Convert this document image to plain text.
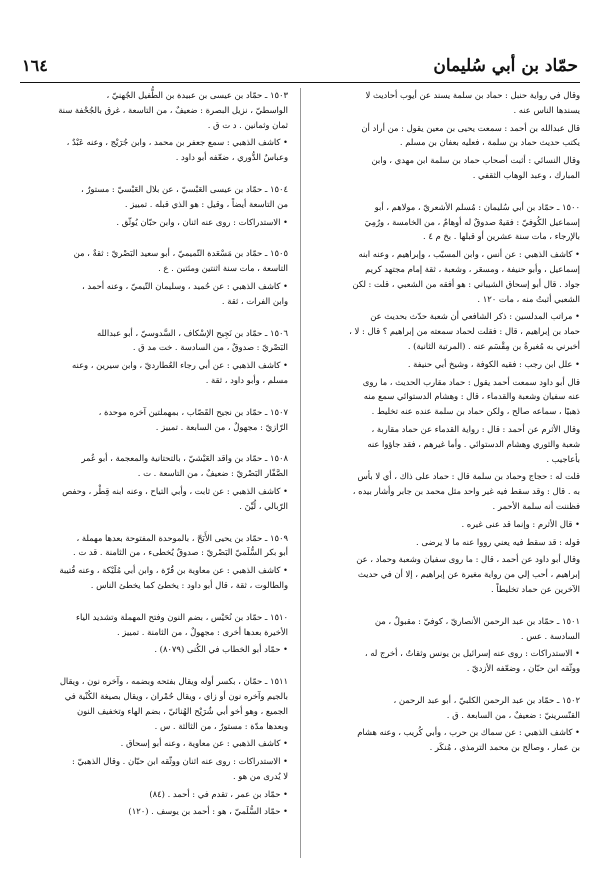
حمّاد بن أبي سُليمان
١٦٤

وقال في رواية حنبل : حماد بن سلمة يسند عن أيوب أحاديث لا

يسندها الناس عنه .

قال عبدالله بن أحمد : سمعت يحيى بن معين يقول : من أراد أن

يكتب حديث حماد بن سلمة ، فعليه بعفان بن مسلم .

وقال النسائي : أثبت أصحاب حماد بن سلمة ابن مهدي ، وابن

المبارك ، وعبد الوهاب الثقفي .

١٥٠٠ ـ حمّاد بن أبي سُليمان : مُسلم الأشعريّ ، مولاهم ، أبو

إسماعيل الكُوفيّ : فقيهٌ صدوقٌ له أوهامٌ ، من الخامسة ، ورُمِيَ

بالإرجاء ، مات سنة عشرين أو قبلها . بخ م ٤ .

• كاشف الذهبي : عن أنس ، وابن المسيّب ، وإبراهيم ، وعنه ابنه

إسماعيل ، وأبو حنيفة ، ومسعَر ، وشعبة ، ثقة إمام مجتهد كريم

جواد . قال أبو إسحاق الشيباني : هو أفقه من الشعبي ، قلت : لكن

الشعبي أثبتُ منه ، مات ١٢٠ .

• مراتب المدلسين : ذكر الشافعي أن شعبة حدّث بحديث عن

حماد بن إبراهيم ، قال : فقلت لحماد سمعته من إبراهيم ؟ قال : لا ،

أخبرني به مُغيرةُ بن مِقْسَم عنه . (المرتبة الثانية) .

• علل ابن رجب : فقيه الكوفة ، وشيخ أبي حنيفة .

قال أبو داود سمعت أحمد يقول : حماد مقارب الحديث ، ما روى

عنه سفيان وشعبة والقدماء ، قال : وهشام الدستوائي سمع منه

ذهبيًا ، سماعه صالح ، ولكن حماد بن سلمة عنده عنه تخليط .

وقال الأثرم عن أحمد : قال : رواية القدماء عن حماد مقاربة ،

شعبة والثوري وهشام الدستوائي . وأما غيرهم ، فقد جاؤوا عنه

بأعاجيب .

قلت له : حجاج وحماد بن سلمة قال : حماد على ذاك ، أي لا بأس

به . قال : وقد سقط فيه غير واحد مثل محمد بن جابر وأشار بيده ،

فظننت أنه سلمة الأحمر .

• قال الأثرم : وإنما قد عنى غيره .

قوله : قد سقط فيه يعني رووا عنه ما لا يرضى .

وقال أبو داود عن أحمد ، قال : ما روى سفيان وشعبة وحماد ، عن

إبراهيم ، أحب إلي من رواية مغيرة عن إبراهيم ، إلا أن في حديث

الآخرين عن حماد تخليطاً .

١٥٠١ ـ حمّاد بن عبد الرحمن الأنصاريّ ، كوفيّ : مقبولٌ ، من

السادسة . عس .

• الاستدراكات : روى عنه إسرائيل بن يونس وثقاتٌ ، أخرج له ،

ووثّقه ابن حبّان ، وضعّفه الأزديّ .

١٥٠٢ ـ حمّاد بن عبد الرحمن الكلبيّ ، أبو عبد الرحمن ،

القنّسرينيّ : ضعيفٌ ، من السابعة . ق .

• كاشف الذهبي : عن سماك بن حرب ، وأبي كُريب ، وعنه هشام

بن عمار ، وصالح بن محمد الترمذي ، مُنكَر .

١٥٠٣ ـ حمّاد بن عيسى بن عبيدة بن الطُّفيل الجُهنيّ ،

الواسطيّ ، نزيل البصرة : ضعيفٌ ، من التاسعة ، غرق بالجُحْفة سنة

ثمان وثمانين . د ت ق .

• كاشف الذهبي : سمع جعفر بن محمد ، وابن جُرَيْج ، وعنه عَبْدٌ ،

وعباسٌ الدُّوري ، ضعّفه أبو داود .

١٥٠٤ ـ حمّاد بن عيسى العَبْسيّ ، عن بلال العَبْسيّ : مستورٌ ،

من التاسعة أيضاً ، وقيل : هو الذي قبله . تمييز .

• الاستدراكات : روى عنه اثنان ، وابن حبّان يُوثّق .

١٥٠٥ ـ حمّاد بن مَسْعَدة التّميميّ ، أبو سعيد البَصْريّ : ثقةٌ ، من

التاسعة ، مات سنة اثنتين ومئتين . ع .

• كاشف الذهبي : عن حُميد ، وسليمان التّيميّ ، وعنه أحمد ،

وابن الفرات ، ثقة .

١٥٠٦ ـ حمّاد بن نَجِيح الإسْكاف ، السَّدوسيّ ، أبو عبدالله

البَصْريّ : صدوقٌ ، من السادسة . خت مد ق .

• كاشف الذهبي : عن أبي رجاء العُطارديّ ، وابن سيرين ، وعنه

مسلم ، وأبو داود ، ثقة .

١٥٠٧ ـ حمّاد بن نجيح القَصّاب ، بمهملتين آخره موحدة ،

الرّازيّ : مجهولٌ ، من السابعة . تمييز .

١٥٠٨ ـ حمّاد بن واقد العَيْشيّ ، بالتحتانية والمعجمة ، أبو عُمر

الصَّفّار البَصْريّ : ضعيفٌ ، من التاسعة . ت .

• كاشف الذهبي : عن ثابت ، وأبي التياح ، وعنه ابنه قِطْر ، وحفص

الرّبالي ، لُيِّنَ .

١٥٠٩ ـ حمّاد بن يحيى الأَبَحّ ، بالموحدة المفتوحة بعدها مهملة ،

أبو بكر السُّلَميّ البَصْريّ : صدوقٌ يُخطىء ، من الثامنة . قد ت .

• كاشف الذهبي : عن معاوية بن قُرّة ، وابن أبي مُلَيْكة ، وعنه قُتيبة

والطالوت ، ثقة ، قال أبو داود : يخطئ كما يخطئ الناس .

١٥١٠ ـ حمّاد بن نُحَيْس ، بضم النون وفتح المهملة وتشديد الياء

الأخيرة بعدها أخرى : مجهولٌ ، من الثامنة . تمييز .

• حمّاد أبو الخطاب في الكُنى (٨٠٧٩) .

١٥١١ ـ حمّان ، بكسر أوله ويقال بفتحه وبضمه ، وآخره نون ، ويقال

بالجيم وآخره نون أو زاي ، ويقال حُمْران ، ويقال بصيغة الكُنْية في

الجميع ، وهو أخو أبي شُرَيْح الهُنائيّ ، بضم الهاء وتخفيف النون

وبعدها مدّة : مستورٌ ، من الثالثة . س .

• كاشف الذهبي : عن معاوية ، وعنه أبو إسحاق .

• الاستدراكات : روى عنه اثنان ووثّقه ابن حبّان . وقال الذهبيّ :

لا يُدرى من هو .

• حمّاد بن عمر ، تقدم في : أحمد . (٨٤)

• حمّاد السُّلَميّ ، هو : أحمد بن يوسف . (١٢٠)
